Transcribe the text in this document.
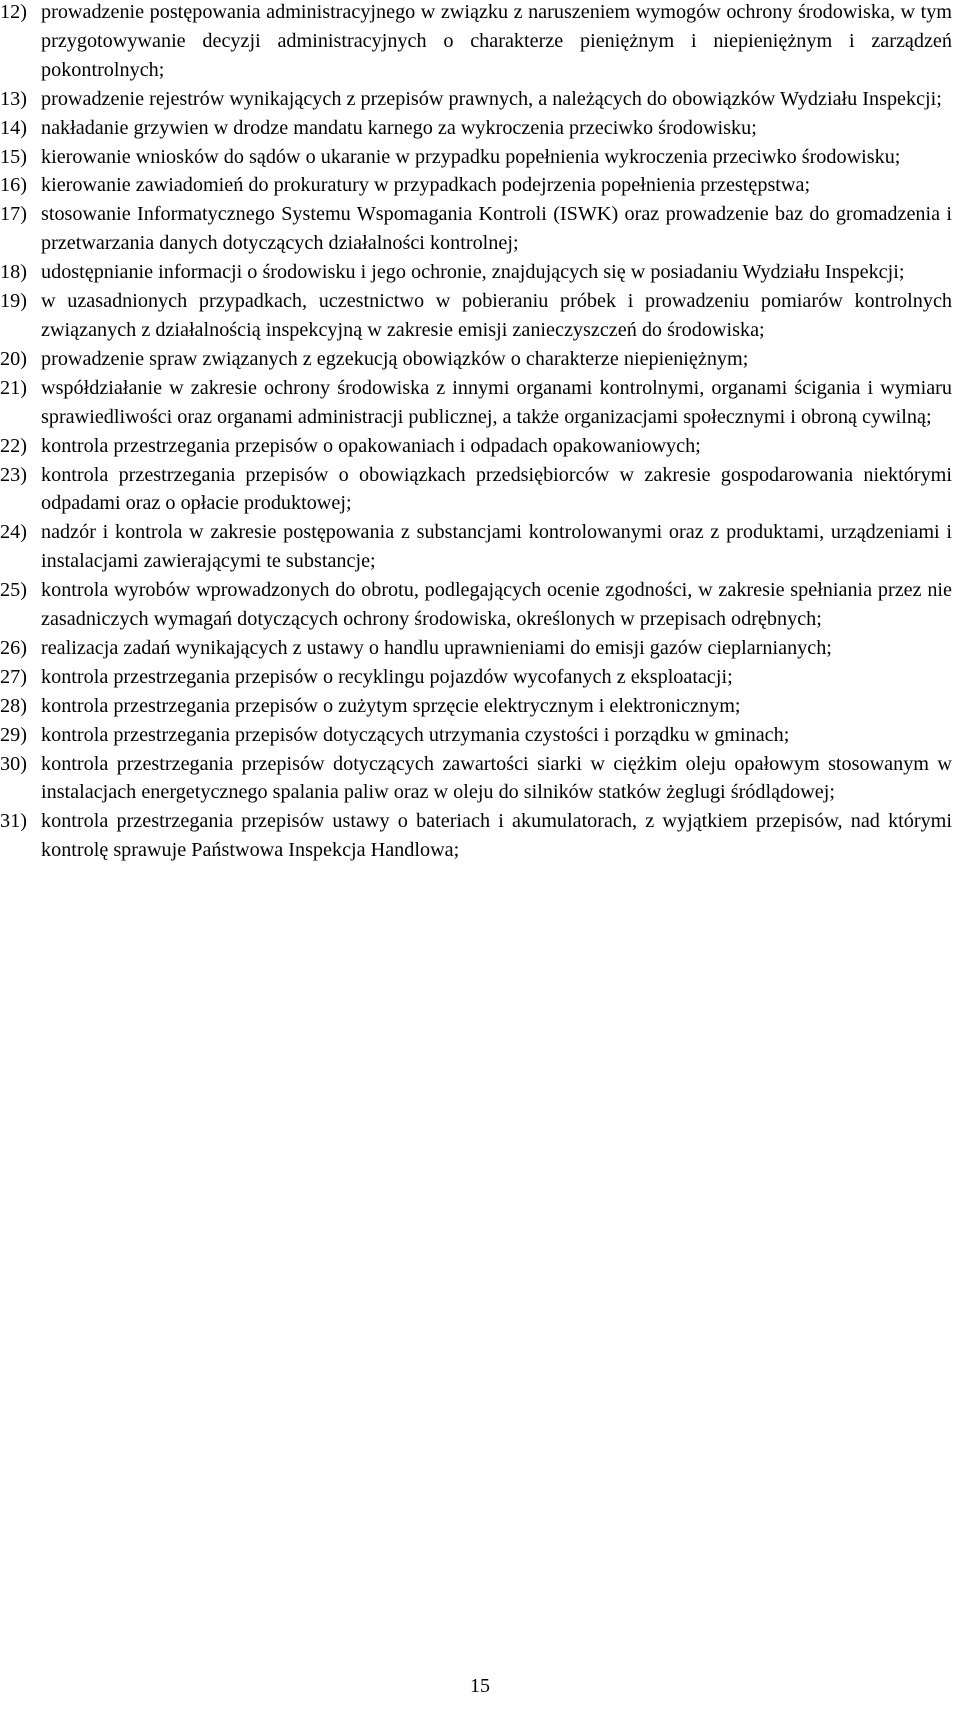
12) prowadzenie postępowania administracyjnego w związku z naruszeniem wymogów ochrony środowiska, w tym przygotowywanie decyzji administracyjnych o charakterze pieniężnym i niepieniężnym i zarządzeń pokontrolnych;
13) prowadzenie rejestrów wynikających z przepisów prawnych, a należących do obowiązków Wydziału Inspekcji;
14) nakładanie grzywien w drodze mandatu karnego za wykroczenia przeciwko środowisku;
15) kierowanie wniosków do sądów o ukaranie w przypadku popełnienia wykroczenia przeciwko środowisku;
16) kierowanie zawiadomień do prokuratury w przypadkach podejrzenia popełnienia przestępstwa;
17) stosowanie Informatycznego Systemu Wspomagania Kontroli (ISWK) oraz prowadzenie baz do gromadzenia i przetwarzania danych dotyczących działalności kontrolnej;
18) udostępnianie informacji o środowisku i jego ochronie, znajdujących się w posiadaniu Wydziału Inspekcji;
19) w uzasadnionych przypadkach, uczestnictwo w pobieraniu próbek i prowadzeniu pomiarów kontrolnych związanych z działalnością inspekcyjną w zakresie emisji zanieczyszczeń do środowiska;
20) prowadzenie spraw związanych z egzekucją obowiązków o charakterze niepieniężnym;
21) współdziałanie w zakresie ochrony środowiska z innymi organami kontrolnymi, organami ścigania i wymiaru sprawiedliwości oraz organami administracji publicznej, a także organizacjami społecznymi i obroną cywilną;
22) kontrola przestrzegania przepisów o opakowaniach i odpadach opakowaniowych;
23) kontrola przestrzegania przepisów o obowiązkach przedsiębiorców w zakresie gospodarowania niektórymi odpadami oraz o opłacie produktowej;
24) nadzór i kontrola w zakresie postępowania z substancjami kontrolowanymi oraz z produktami, urządzeniami i instalacjami zawierającymi te substancje;
25) kontrola wyrobów wprowadzonych do obrotu, podlegających ocenie zgodności, w zakresie spełniania przez nie zasadniczych wymagań dotyczących ochrony środowiska, określonych w przepisach odrębnych;
26) realizacja zadań wynikających z ustawy o handlu uprawnieniami do emisji gazów cieplarnianych;
27) kontrola przestrzegania przepisów o recyklingu pojazdów wycofanych z eksploatacji;
28) kontrola przestrzegania przepisów o zużytym sprzęcie elektrycznym i elektronicznym;
29) kontrola przestrzegania przepisów dotyczących utrzymania czystości i porządku w gminach;
30) kontrola przestrzegania przepisów dotyczących zawartości siarki w ciężkim oleju opałowym stosowanym w instalacjach energetycznego spalania paliw oraz w oleju do silników statków żeglugi śródlądowej;
31) kontrola przestrzegania przepisów ustawy o bateriach i akumulatorach, z wyjątkiem przepisów, nad którymi kontrolę sprawuje Państwowa Inspekcja Handlowa;
15
